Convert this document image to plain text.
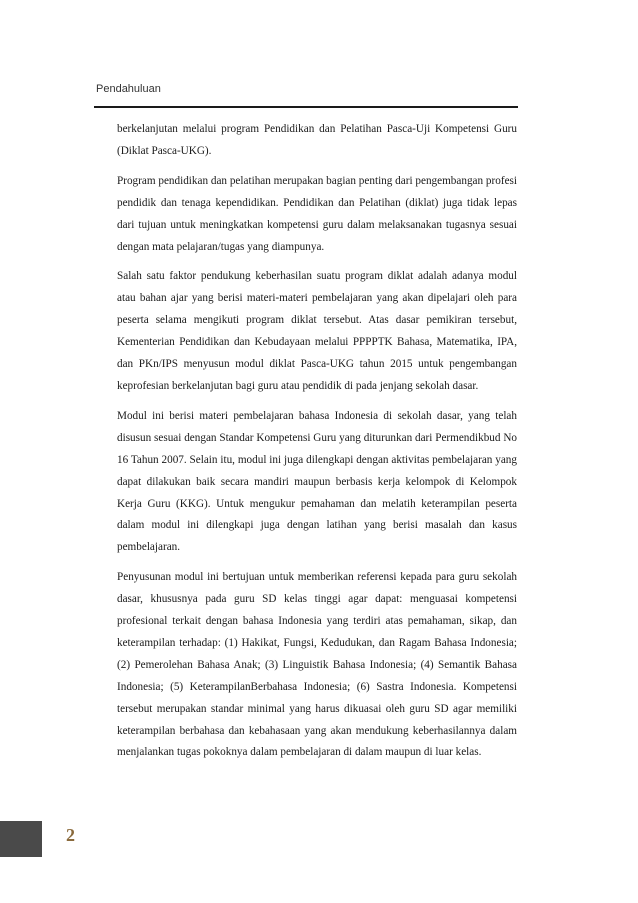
Pendahuluan

berkelanjutan melalui program Pendidikan dan Pelatihan Pasca-Uji Kompetensi Guru (Diklat Pasca-UKG).

Program pendidikan dan pelatihan merupakan bagian penting dari pengembangan profesi pendidik dan tenaga kependidikan. Pendidikan dan Pelatihan (diklat) juga tidak lepas dari tujuan untuk meningkatkan kompetensi guru dalam melaksanakan tugasnya sesuai dengan mata pelajaran/tugas yang diampunya.

Salah satu faktor pendukung keberhasilan suatu program diklat adalah adanya modul atau bahan ajar yang berisi materi-materi pembelajaran yang akan dipelajari oleh para peserta selama mengikuti program diklat tersebut. Atas dasar pemikiran tersebut, Kementerian Pendidikan dan Kebudayaan melalui PPPPTK Bahasa, Matematika, IPA, dan PKn/IPS menyusun modul diklat Pasca-UKG tahun 2015 untuk pengembangan keprofesian berkelanjutan bagi guru atau pendidik di pada jenjang sekolah dasar.

Modul ini berisi materi pembelajaran bahasa Indonesia di sekolah dasar, yang telah disusun sesuai dengan Standar Kompetensi Guru yang diturunkan dari Permendikbud No 16 Tahun 2007. Selain itu, modul ini juga dilengkapi dengan aktivitas pembelajaran yang dapat dilakukan baik secara mandiri maupun berbasis kerja kelompok di Kelompok Kerja Guru (KKG). Untuk mengukur pemahaman dan melatih keterampilan peserta dalam modul ini dilengkapi juga dengan latihan yang berisi masalah dan kasus pembelajaran.

Penyusunan modul ini bertujuan untuk memberikan referensi kepada para guru sekolah dasar, khususnya pada guru SD kelas tinggi agar dapat: menguasai kompetensi profesional terkait dengan bahasa Indonesia yang terdiri atas pemahaman, sikap, dan keterampilan terhadap: (1) Hakikat, Fungsi, Kedudukan, dan Ragam Bahasa Indonesia; (2) Pemerolehan Bahasa Anak; (3) Linguistik Bahasa Indonesia; (4) Semantik Bahasa Indonesia; (5) KeterampilanBerbahasa Indonesia; (6) Sastra Indonesia. Kompetensi tersebut merupakan standar minimal yang harus dikuasai oleh guru SD agar memiliki keterampilan berbahasa dan kebahasaan yang akan mendukung keberhasilannya dalam menjalankan tugas pokoknya dalam pembelajaran di dalam maupun di luar kelas.

2
